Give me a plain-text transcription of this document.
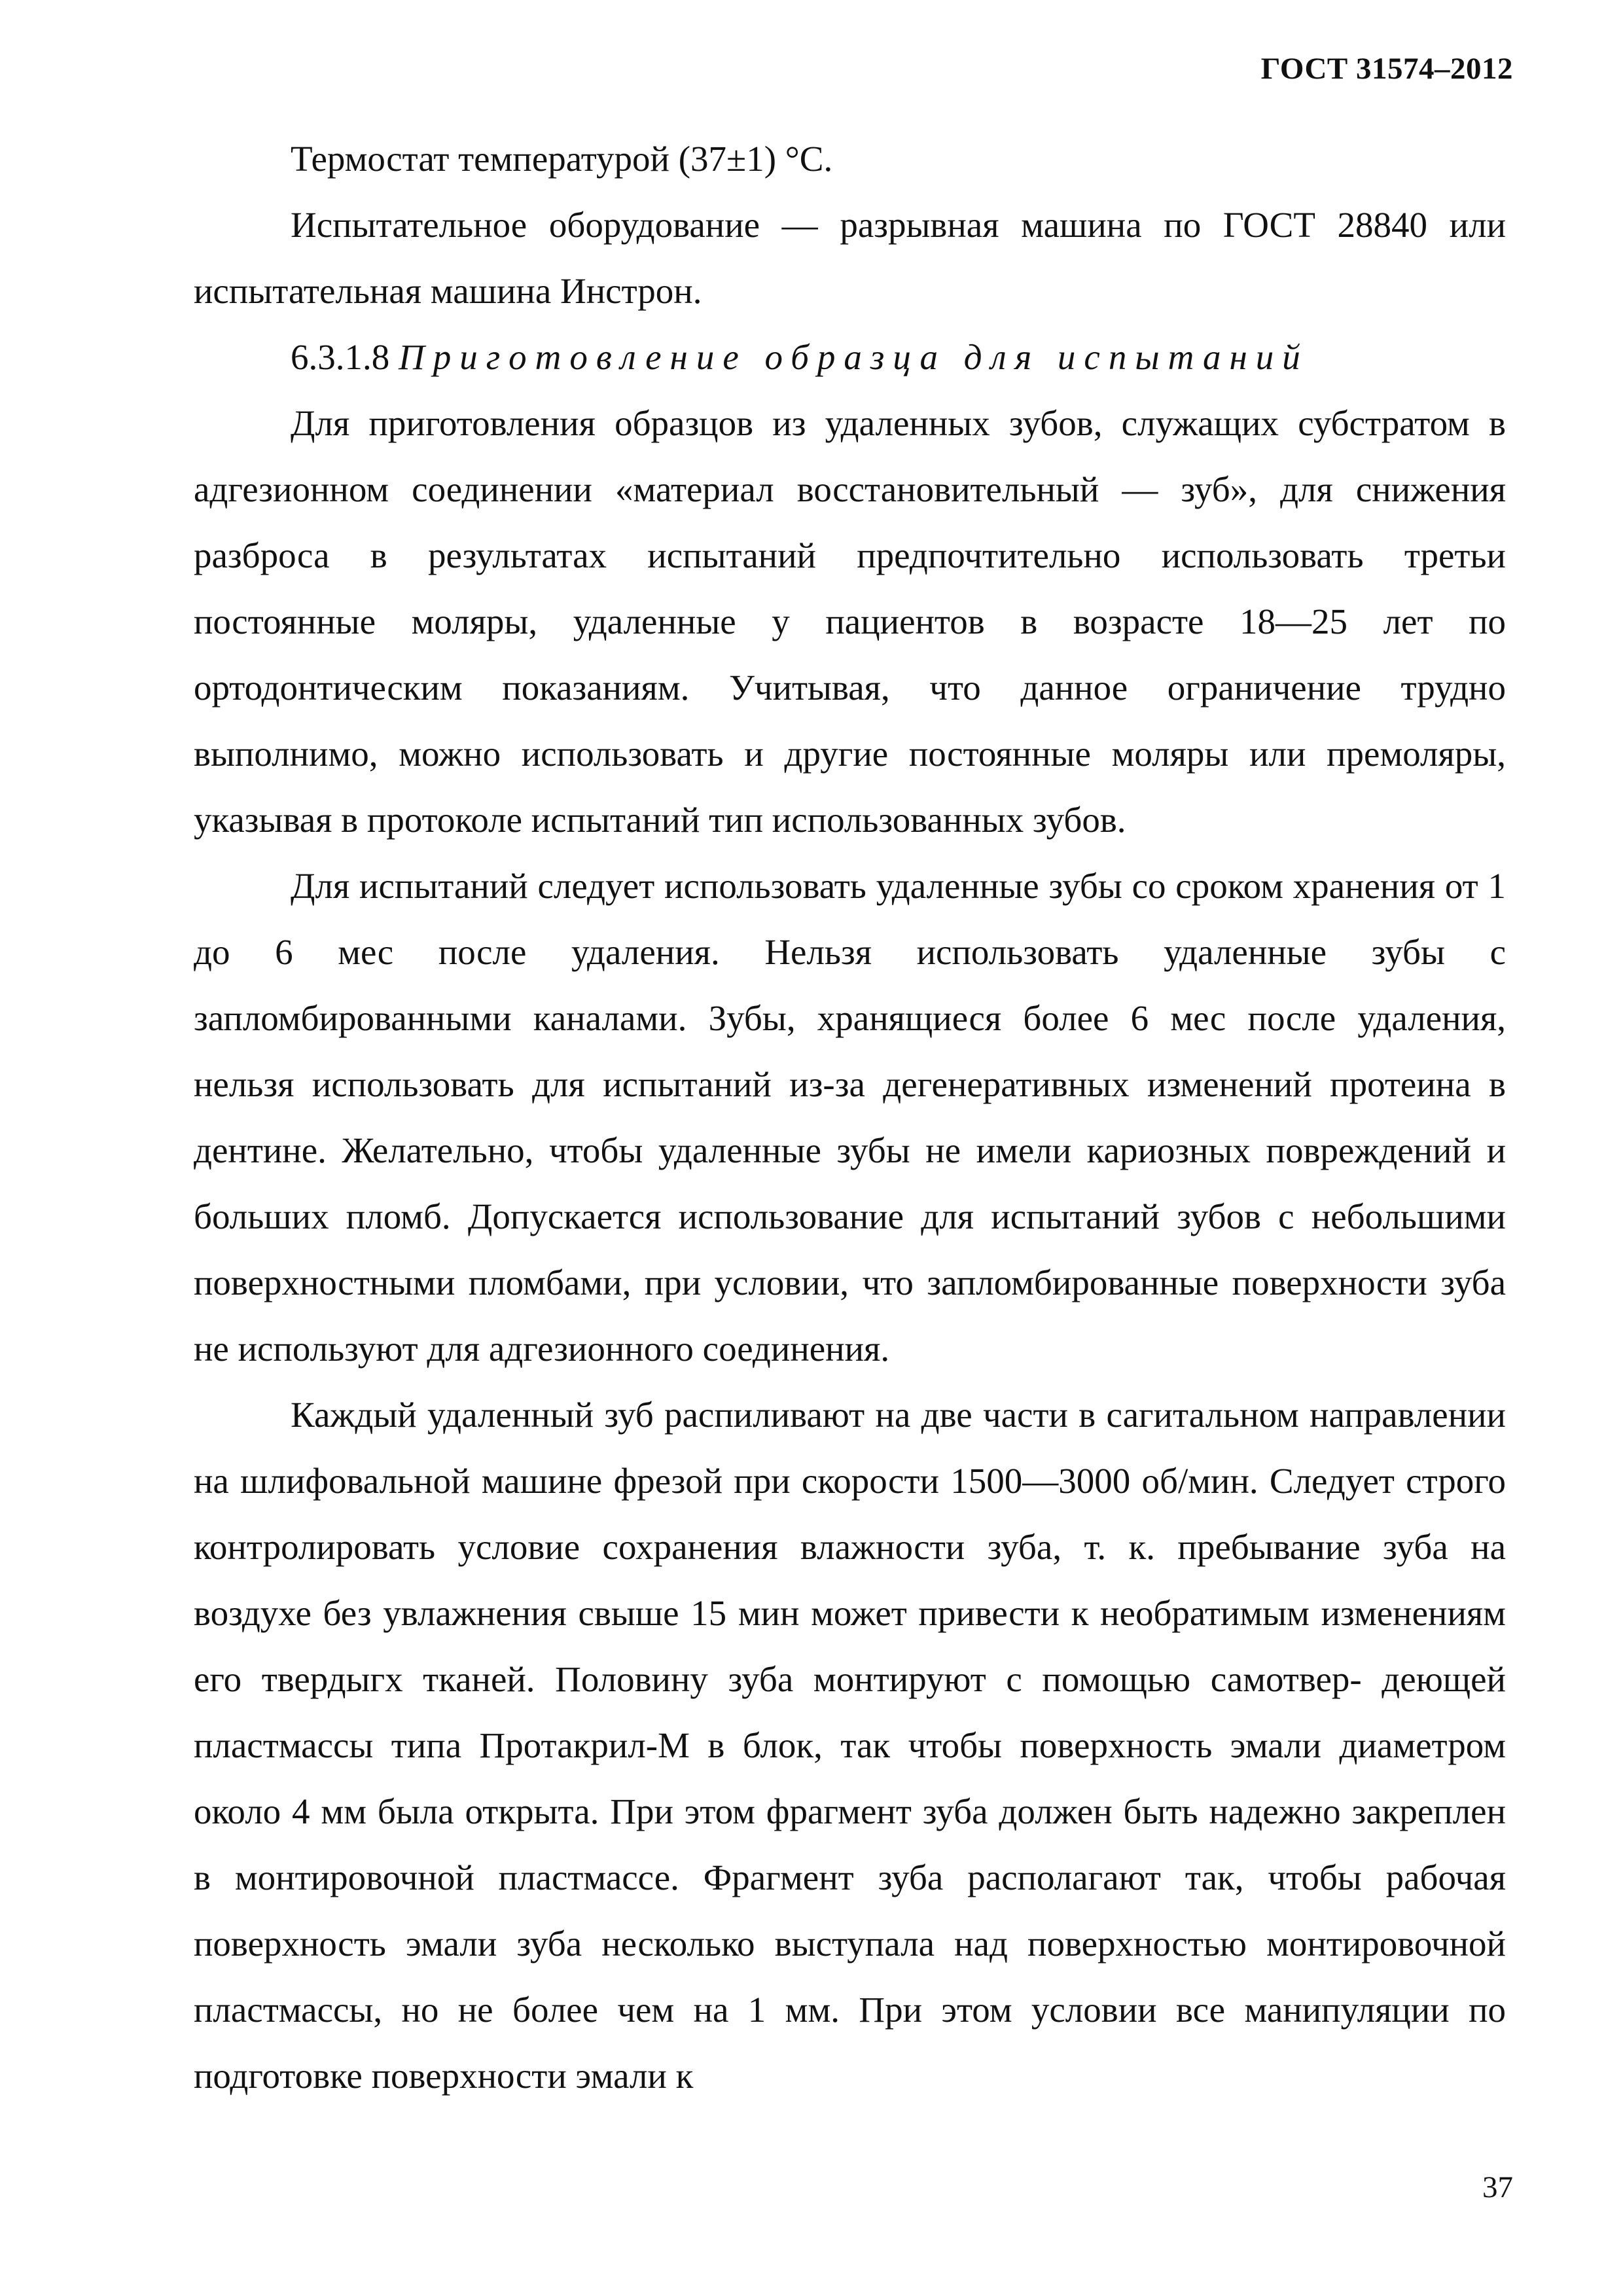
ГОСТ 31574–2012

Термостат температурой (37±1) °С.

Испытательное оборудование — разрывная машина по ГОСТ 28840 или испытательная машина Инстрон.

6.3.1.8 Приготовление образца для испытаний

Для приготовления образцов из удаленных зубов, служащих субстратом в адгезионном соединении «материал восстановительный — зуб», для снижения разброса в результатах испытаний предпочтительно использовать третьи постоянные моляры, удаленные у пациентов в возрасте 18—25 лет по ортодонтическим показаниям. Учитывая, что данное ограничение трудно выполнимо, можно использовать и другие постоянные моляры или премоляры, указывая в протоколе испытаний тип использованных зубов.

Для испытаний следует использовать удаленные зубы со сроком хранения от 1 до 6 мес после удаления. Нельзя использовать удаленные зубы с запломбированными каналами. Зубы, хранящиеся более 6 мес после удаления, нельзя использовать для испытаний из-за дегенеративных изменений протеина в дентине. Желательно, чтобы удаленные зубы не имели кариозных повреждений и больших пломб. Допускается использование для испытаний зубов с небольшими поверхностными пломбами, при условии, что запломбированные поверхности зуба не используют для адгезионного соединения.

Каждый удаленный зуб распиливают на две части в сагитальном направлении на шлифовальной машине фрезой при скорости 1500—3000 об/мин. Следует строго контролировать условие сохранения влажности зуба, т. к. пребывание зуба на воздухе без увлажнения свыше 15 мин может привести к необратимым изменениям его твердыгх тканей. Половину зуба монтируют с помощью самотвер- деющей пластмассы типа Протакрил-М в блок, так чтобы поверхность эмали диаметром около 4 мм была открыта. При этом фрагмент зуба должен быть надежно закреплен в монтировочной пластмассе. Фрагмент зуба располагают так, чтобы рабочая поверхность эмали зуба несколько выступала над поверхностью монтировочной пластмассы, но не более чем на 1 мм. При этом условии все манипуляции по подготовке поверхности эмали к

37
